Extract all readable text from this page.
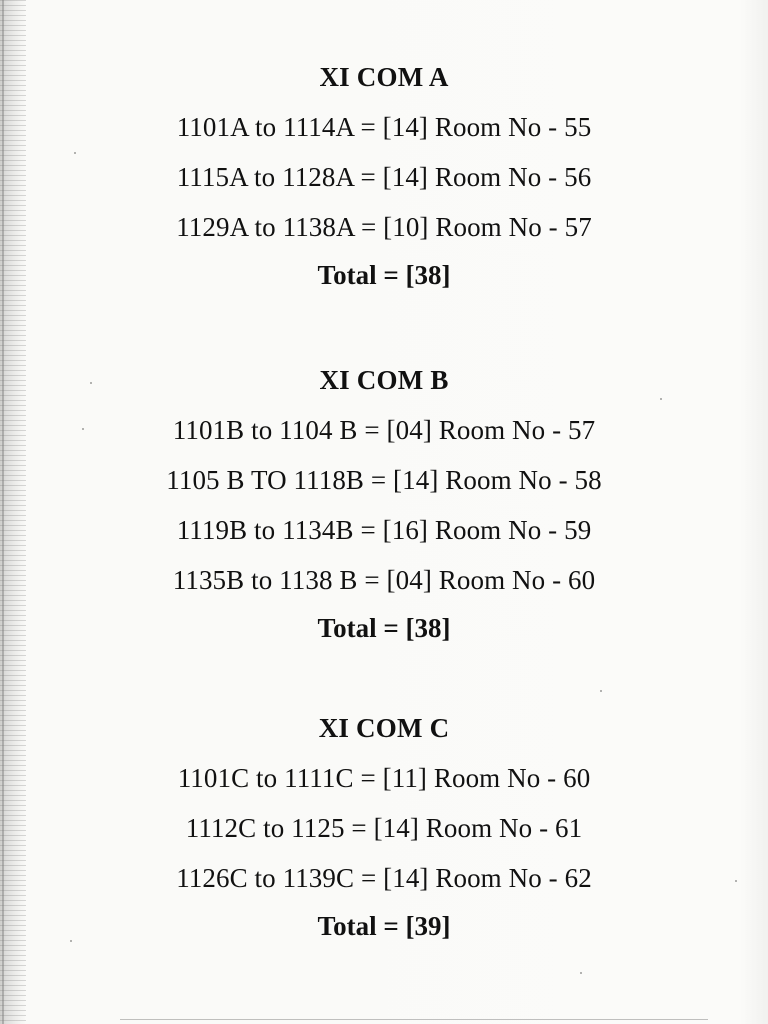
XI COM A
1101A to 1114A = [14] Room No - 55
1115A to 1128A = [14] Room No - 56
1129A to 1138A = [10] Room No - 57
Total = [38]
XI COM B
1101B to 1104 B = [04] Room No - 57
1105 B TO 1118B = [14] Room No - 58
1119B to 1134B = [16] Room No - 59
1135B to 1138 B = [04] Room No - 60
Total = [38]
XI COM C
1101C to 1111C = [11] Room No - 60
1112C to 1125 = [14] Room No - 61
1126C to 1139C = [14] Room No - 62
Total = [39]
